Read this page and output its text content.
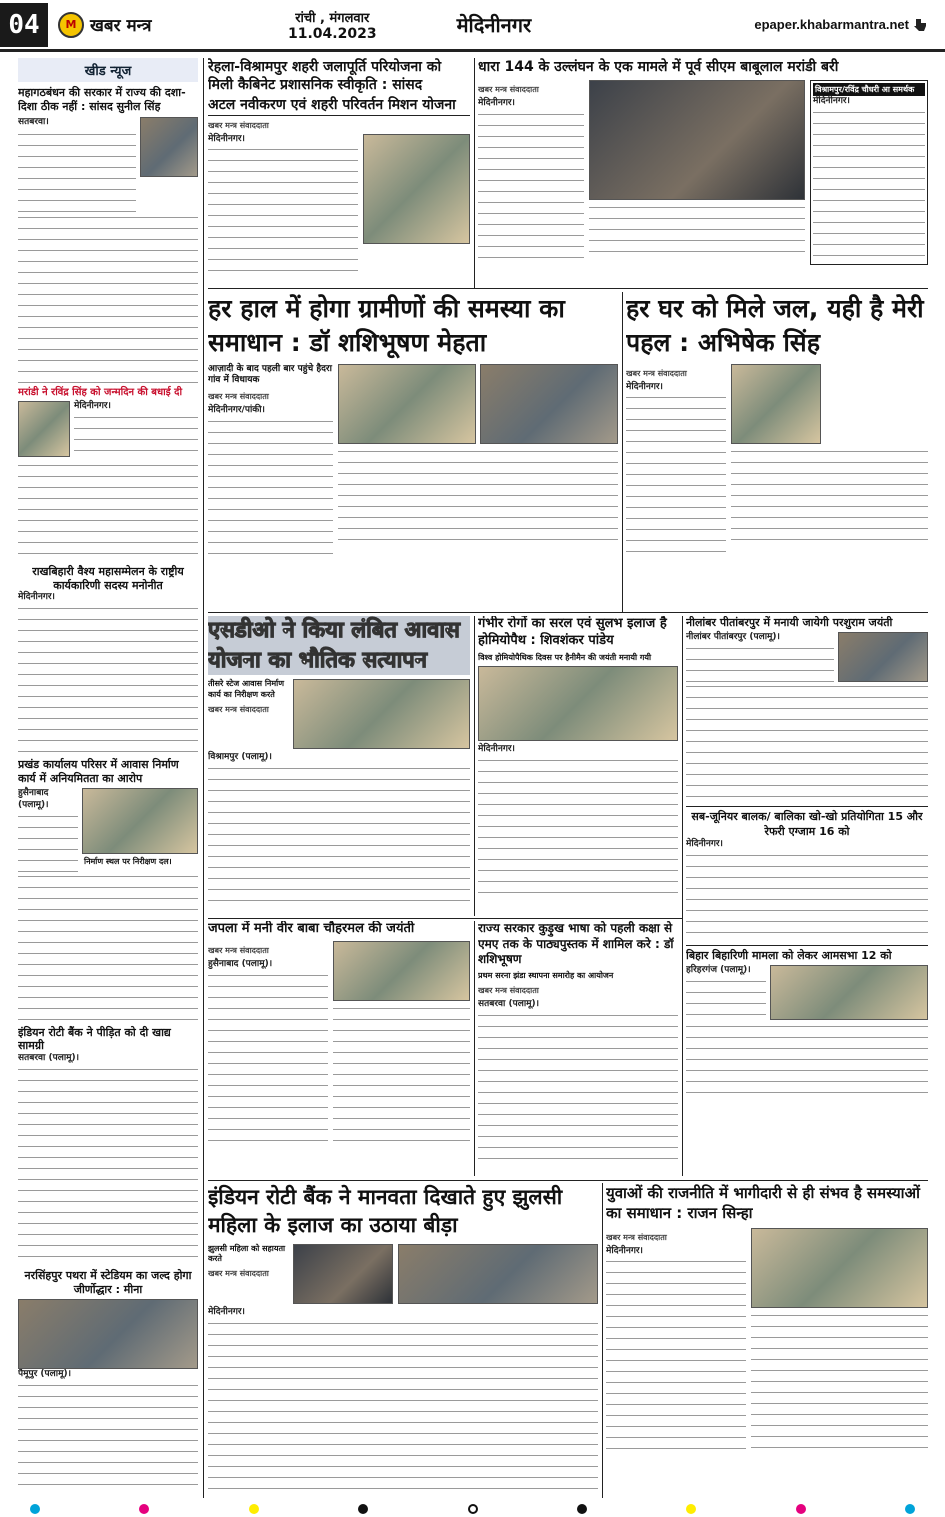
04	M खबर मन्त्र	रांची , मंगलवार
11.04.2023	मेदिनीनगर	epaper.khabarmantra.net
खीड न्यूज
महागठबंधन की सरकार में राज्य की दशा-दिशा ठीक नहीं : सांसद सुनील सिंह
सतबरवा।
मरांडी ने रविंद्र सिंह को जन्मदिन की बधाई दी
मेदिनीनगर।
राखबिहारी वैश्य महासम्मेलन के राष्ट्रीय कार्यकारिणी सदस्य मनोनीत
मेदिनीनगर।
प्रखंड कार्यालय परिसर में आवास निर्माण कार्य में अनियमितता का आरोप
हुसैनाबाद (पलामू)।
निर्माण स्थल पर निरीक्षण दल।
इंडियन रोटी बैंक ने पीड़ित को दी खाद्य सामग्री
सतबरवा (पलामू)।
नरसिंहपुर पथरा में स्टेडियम का जल्द होगा जीर्णोद्धार : मीना
पैमूपुर (पलामू)।
रेहला-विश्रामपुर शहरी जलापूर्ति परियोजना को मिली कैबिनेट प्रशासनिक स्वीकृति : सांसद
अटल नवीकरण एवं शहरी परिवर्तन मिशन योजना
खबर मन्त्र संवाददाता
मेदिनीनगर।
धारा 144 के उल्लंघन के एक मामले में पूर्व सीएम बाबूलाल मरांडी बरी
खबर मन्त्र संवाददाता
मेदिनीनगर।
विश्रामपुर/रविंद्र चौधरी आ समर्थक
मेदिनीनगर।
हर हाल में होगा ग्रामीणों की समस्या का समाधान : डॉ शशिभूषण मेहता
आज़ादी के बाद पहली बार पहुंचे हैदरा गांव में विधायक
खबर मन्त्र संवाददाता
मेदिनीनगर/पांकी।
हर घर को मिले जल, यही है मेरी पहल : अभिषेक सिंह
खबर मन्त्र संवाददाता
मेदिनीनगर।
एसडीओ ने किया लंबित आवास योजना का भौतिक सत्यापन
तीसरे स्टेज आवास निर्माण कार्य का निरीक्षण करते
खबर मन्त्र संवाददाता
विश्रामपुर (पलामू)।
गंभीर रोगों का सरल एवं सुलभ इलाज है होमियोपैथ : शिवशंकर पांडेय
विश्व होमियोपैथिक दिवस पर हैनीमैन की जयंती मनायी गयी
मेदिनीनगर।
नीलांबर पीतांबरपुर में मनायी जायेगी परशुराम जयंती
नीलांबर पीतांबरपुर (पलामू)।
सब-जूनियर बालक/ बालिका खो-खो प्रतियोगिता 15 और रेफरी एग्जाम 16 को
मेदिनीनगर।
बिहार बिहारिणी मामला को लेकर आमसभा 12 को
हरिहरगंज (पलामू)।
जपला में मनी वीर बाबा चौहरमल की जयंती
खबर मन्त्र संवाददाता
हुसैनाबाद (पलामू)।
राज्य सरकार कुड़ुख भाषा को पहली कक्षा से एमए तक के पाठ्यपुस्तक में शामिल करे : डॉ शशिभूषण
प्रथम सरना झंडा स्थापना समारोह का आयोजन
खबर मन्त्र संवाददाता
सतबरवा (पलामू)।
इंडियन रोटी बैंक ने मानवता दिखाते हुए झुलसी महिला के इलाज का उठाया बीड़ा
झुलसी महिला को सहायता करते
खबर मन्त्र संवाददाता
मेदिनीनगर।
युवाओं की राजनीति में भागीदारी से ही संभव है समस्याओं का समाधान : राजन सिन्हा
खबर मन्त्र संवाददाता
मेदिनीनगर।
